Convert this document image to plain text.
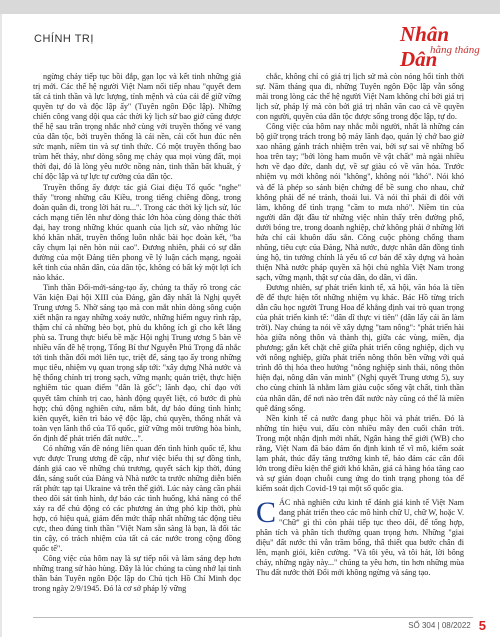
CHÍNH TRỊ	Nhân Dân
hằng tháng

ngừng chảy tiếp tục bồi đắp, gạn lọc và kết tinh những giá trị mới. Các thế hệ người Việt Nam nối tiếp nhau "quyết đem tất cả tinh thần và lực lượng, tính mệnh và của cải để giữ vững quyền tự do và độc lập ấy" (Tuyên ngôn Độc lập). Những chiến công vang dội qua các thời kỳ lịch sử bao giờ cũng được thể hệ sau trân trọng nhắc nhớ cùng với truyền thống vẻ vang của dân tộc, bởi truyền thống là cái nền, cái cốt hun đúc nên sức mạnh, niềm tin và sự tinh thức. Có một truyền thống bao trùm hết thảy, như dòng sông mẹ chảy qua mọi vùng đất, mọi thời đại, đó là lòng yêu nước nồng nàn, tinh thần bất khuất, ý chí độc lập và tự lực tự cường của dân tộc.

Truyền thống ấy được tác giả Giai điệu Tổ quốc "nghe" thấy "trong những câu Kiều, trong tiếng chiêng đồng, trong đoàn quân đi, trong lời hát ru...". Trong các thời kỳ lịch sử, lúc cách mạng tiến lên như dòng thác lớn hòa cùng dòng thác thời đại, hay trong những khúc quanh của lịch sử, vào những lúc khó khăn nhất, truyền thống luôn nhắc bài học đoàn kết, "ba cây chụm lại nên hòn núi cao". Đương nhiên, phải có sự dẫn đường của một Đảng tiên phong về lý luận cách mạng, ngoài kết tinh của nhân dân, của dân tộc, không có bất kỳ một lợi ích nào khác.

Tinh thần Đổi-mới-sáng-tạo ấy, chúng ta thấy rõ trong các Văn kiện Đại hội XIII của Đảng, gần đây nhất là Nghị quyết Trung ương 5. Nhờ sáng tạo mà con mắt nhìn dòng sông cuộn xiết nhận ra ngay những xoáy nước, những hiểm nguy rình rập, thậm chí cả những bèo bọt, phù du không ích gì cho kết lắng phù sa. Trung thực biểu bề mặc Hội nghị Trung ương 5 bàn về nhiều vấn đề hệ trọng, Tổng Bí thư Nguyễn Phú Trọng đã nhắc tới tinh thần đổi mới liên tục, triệt để, sáng tạo ấy trong những mục tiêu, nhiệm vụ quan trọng sắp tới: "xây dựng Nhà nước và hệ thống chính trị trong sạch, vững mạnh; quán triệt, thực hiện nghiêm túc quan điểm "dân là gốc"; lãnh đạo, chỉ đạo với quyết tâm chính trị cao, hành động quyết liệt, có bước đi phù hợp; chủ động nghiên cứu, nắm bắt, dự báo đúng tình hình; kiên quyết, kiên trì bảo vệ độc lập, chủ quyền, thống nhất và toàn vẹn lãnh thổ của Tổ quốc, giữ vững môi trường hòa bình, ổn định để phát triển đất nước...".

Có những vấn đề nóng liên quan đến tình hình quốc tế, khu vực được Trung ương đề cập, như việc biểu thị sự đồng tình, đánh giá cao về những chủ trương, quyết sách kịp thời, đúng đắn, sáng suốt của Đảng và Nhà nước ta trước những diễn biến rất phức tạp tại Ukraine và trên thế giới. Lúc này càng cần phải theo dõi sát tình hình, dự báo các tình huống, khả năng có thể xảy ra để chủ động có các phương án ứng phó kịp thời, phù hợp, có hiệu quả, giảm đến mức thấp nhất những tác động tiêu cực, theo đúng tinh thần "Việt Nam sẵn sàng là bạn, là đối tác tin cậy, có trách nhiệm của tất cả các nước trong cộng đồng quốc tế".

Công việc của hôm nay là sự tiếp nối và làm sáng đẹp hơn những trang sử hào hùng. Đây là lúc chúng ta cùng nhớ lại tinh thần bản Tuyên ngôn Độc lập do Chủ tịch Hồ Chí Minh đọc trong ngày 2/9/1945. Đó là cơ sở pháp lý vững

chắc, không chỉ có giá trị lịch sử mà còn nóng hổi tính thời sự. Năm tháng qua đi, những Tuyên ngôn Độc lập vẫn sống mãi trong lòng các thế hệ người Việt Nam không chỉ bởi giá trị lịch sử, pháp lý mà còn bởi giá trị nhân văn cao cả về quyền con người, quyền của dân tộc được sống trong độc lập, tự do.

Công việc của hôm nay nhắc mỗi người, nhất là những cán bộ giữ trọng trách trong bộ máy lãnh đạo, quản lý chớ bao giờ xao nhãng gánh trách nhiệm trên vai, bởi sự sai về những bổ hoa trên tay; "bởi lòng ham muốn về vật chất" mà ngài nhiều hơn về đạo đức, danh dự, về sự giàu có về văn hóa. Trước nhiệm vụ mới không nói "không", không nói "khó". Nói khó và để là phép so sánh biện chứng để bề sung cho nhau, chứ không phải để né tránh, thoái lui. Và nói thì phải đi đôi với làm, không để tình trạng "cầm to mưa nhỏ". Niềm tin của người dân đặt đầu từ những việc nhìn thấy trên đường phố, dưới bóng tre, trong doanh nghiệp, chứ không phải ở những lời hứa chỉ cải khuôn dấu sắn. Công cuộc phòng chống tham nhũng, tiêu cực của Đảng, Nhà nước, được nhân dân đồng tình ủng hộ, tin tưởng chính là yếu tố cơ bản để xây dựng và hoàn thiện Nhà nước pháp quyền xã hội chủ nghĩa Việt Nam trong sạch, vững mạnh, thật sự của dân, do dân, vì dân.

Đương nhiên, sự phát triển kinh tế, xã hội, văn hóa là tiền đề để thực hiện tốt những nhiệm vụ khác. Bác Hồ từng trích dẫn câu học người Trung Hoa để khẳng định vai trò quan trọng của phát triển kinh tế: "dân dĩ thực vi tiên" (dân lấy cái ăn làm trời). Nay chúng ta nói về xây dựng "tam nông": "phát triển hài hòa giữa nông thôn và thành thị, giữa các vùng, miền, địa phương; gắn kết chặt chẽ giữa phát triển công nghiệp, dịch vụ với nông nghiệp, giữa phát triển nông thôn bền vững với quá trình đô thị hóa theo hướng "nông nghiệp sinh thái, nông thôn hiện đại, nông dân văn minh" (Nghị quyết Trung ương 5), suy cho cùng chính là nhằm làm giàu cuộc sống vật chất, tinh thần của nhân dân, để nơi nào trên đất nước này cũng có thể là miền quê đáng sống.

Nền kinh tế cả nước đang phục hồi và phát triển. Đó là những tín hiệu vui, dấu còn nhiều mây đen cuối chân trời. Trong một nhận định mới nhất, Ngân hàng thế giới (WB) cho rằng, Việt Nam đã bảo đảm ổn định kinh tế vĩ mô, kiểm soát lạm phát, thúc đẩy tăng trưởng kinh tế, bảo đảm các cân đối lớn trong điều kiện thế giới khó khăn, giá cả hàng hóa tăng cao và sự gián đoạn chuỗi cung ứng do tình trạng phong tỏa để kiểm soát dịch Covid-19 tại một số quốc gia.

CÁC nhà nghiên cứu kinh tế đánh giá kinh tế Việt Nam đang phát triển theo các mô hình chữ U, chữ W, hoặc V. "Chữ" gì thì còn phải tiếp tục theo dõi, để tổng hợp, phân tích và phân tích thường quan trọng hơn. Những "giai điệu" đất nước thì vẫn trầm bổng, thâ thiết qua bước chân đi lên, mạnh giỏi, kiên cường. "Và tôi yêu, và tôi hát, lời bông chảy, những ngày này..." chúng ta yêu hơn, tin hơn những mùa Thu đất nước thời Đổi mới không ngừng và sáng tạo.

SỐ 304 | 08/2022 5
